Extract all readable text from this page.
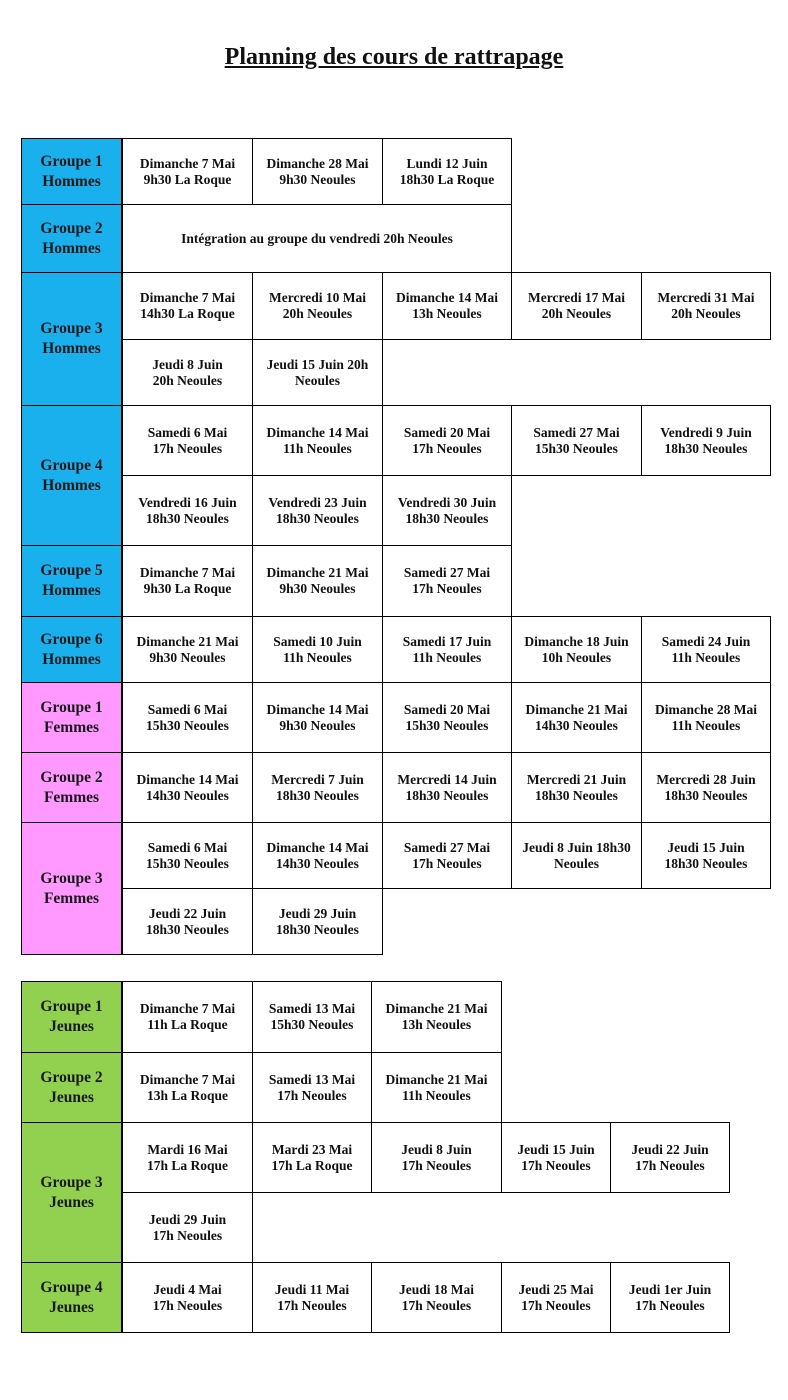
Planning des cours de rattrapage
Groupe 1
Hommes
Dimanche 7 Mai
9h30 La Roque
Dimanche 28 Mai
9h30 Neoules
Lundi 12 Juin
18h30 La Roque
Groupe 2
Hommes
Intégration au groupe du vendredi 20h Neoules
Groupe 3
Hommes
Dimanche 7 Mai
14h30 La Roque
Mercredi 10 Mai
20h Neoules
Dimanche 14 Mai
13h Neoules
Mercredi 17 Mai
20h Neoules
Mercredi 31 Mai
20h Neoules
Jeudi 8 Juin
20h Neoules
Jeudi 15 Juin 20h
Neoules
Groupe 4
Hommes
Samedi 6 Mai
17h Neoules
Dimanche 14 Mai
11h Neoules
Samedi 20 Mai
17h Neoules
Samedi 27 Mai
15h30 Neoules
Vendredi 9 Juin
18h30 Neoules
Vendredi 16 Juin
18h30 Neoules
Vendredi 23 Juin
18h30 Neoules
Vendredi 30 Juin
18h30 Neoules
Groupe 5
Hommes
Dimanche 7 Mai
9h30 La Roque
Dimanche 21 Mai
9h30 Neoules
Samedi 27 Mai
17h Neoules
Groupe 6
Hommes
Dimanche 21 Mai
9h30 Neoules
Samedi 10 Juin
11h Neoules
Samedi 17 Juin
11h Neoules
Dimanche 18 Juin
10h Neoules
Samedi 24 Juin
11h Neoules
Groupe 1
Femmes
Samedi 6 Mai
15h30 Neoules
Dimanche 14 Mai
9h30 Neoules
Samedi 20 Mai
15h30 Neoules
Dimanche 21 Mai
14h30 Neoules
Dimanche 28 Mai
11h Neoules
Groupe 2
Femmes
Dimanche 14 Mai
14h30 Neoules
Mercredi 7 Juin
18h30 Neoules
Mercredi 14 Juin
18h30 Neoules
Mercredi 21 Juin
18h30 Neoules
Mercredi 28 Juin
18h30 Neoules
Groupe 3
Femmes
Samedi 6 Mai
15h30 Neoules
Dimanche 14 Mai
14h30 Neoules
Samedi 27 Mai
17h Neoules
Jeudi 8 Juin 18h30
Neoules
Jeudi 15 Juin
18h30 Neoules
Jeudi 22 Juin
18h30 Neoules
Jeudi 29 Juin
18h30 Neoules
Groupe 1
Jeunes
Dimanche 7 Mai
11h La Roque
Samedi 13 Mai
15h30 Neoules
Dimanche 21 Mai
13h Neoules
Groupe 2
Jeunes
Dimanche 7 Mai
13h La Roque
Samedi 13 Mai
17h Neoules
Dimanche 21 Mai
11h Neoules
Groupe 3
Jeunes
Mardi 16 Mai
17h La Roque
Mardi 23 Mai
17h La Roque
Jeudi 8 Juin
17h Neoules
Jeudi 15 Juin
17h Neoules
Jeudi 22 Juin
17h Neoules
Jeudi 29 Juin
17h Neoules
Groupe 4
Jeunes
Jeudi 4 Mai
17h Neoules
Jeudi 11 Mai
17h Neoules
Jeudi 18 Mai
17h Neoules
Jeudi 25 Mai
17h Neoules
Jeudi 1er Juin
17h Neoules
